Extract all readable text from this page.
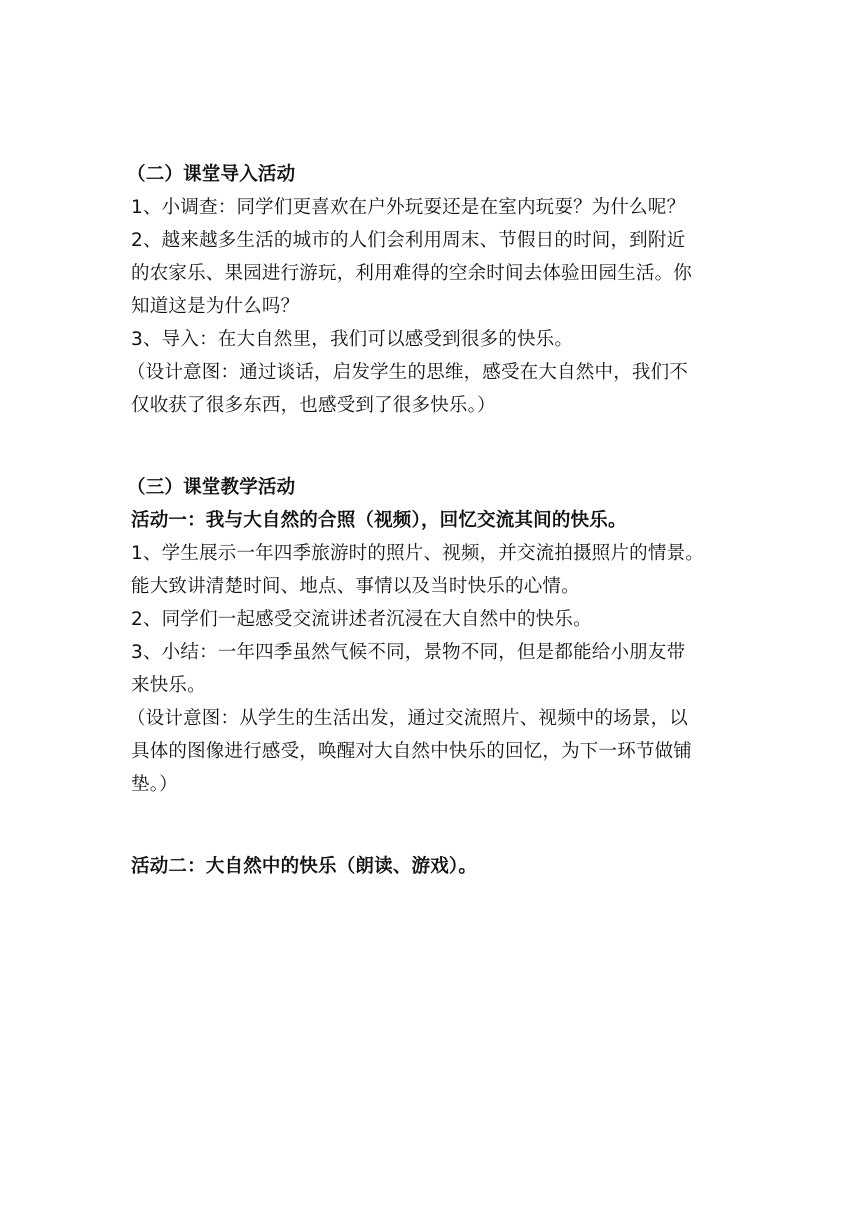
（二）课堂导入活动
1、小调查：同学们更喜欢在户外玩耍还是在室内玩耍？为什么呢？
2、越来越多生活的城市的人们会利用周末、节假日的时间，到附近
的农家乐、果园进行游玩，利用难得的空余时间去体验田园生活。你
知道这是为什么吗？
3、导入：在大自然里，我们可以感受到很多的快乐。
（设计意图：通过谈话，启发学生的思维，感受在大自然中，我们不
仅收获了很多东西，也感受到了很多快乐。）
（三）课堂教学活动
活动一：我与大自然的合照（视频），回忆交流其间的快乐。
1、学生展示一年四季旅游时的照片、视频，并交流拍摄照片的情景。
能大致讲清楚时间、地点、事情以及当时快乐的心情。
2、同学们一起感受交流讲述者沉浸在大自然中的快乐。
3、小结：一年四季虽然气候不同，景物不同，但是都能给小朋友带
来快乐。
（设计意图：从学生的生活出发，通过交流照片、视频中的场景，以
具体的图像进行感受，唤醒对大自然中快乐的回忆，为下一环节做铺
垫。）
活动二：大自然中的快乐（朗读、游戏）。
